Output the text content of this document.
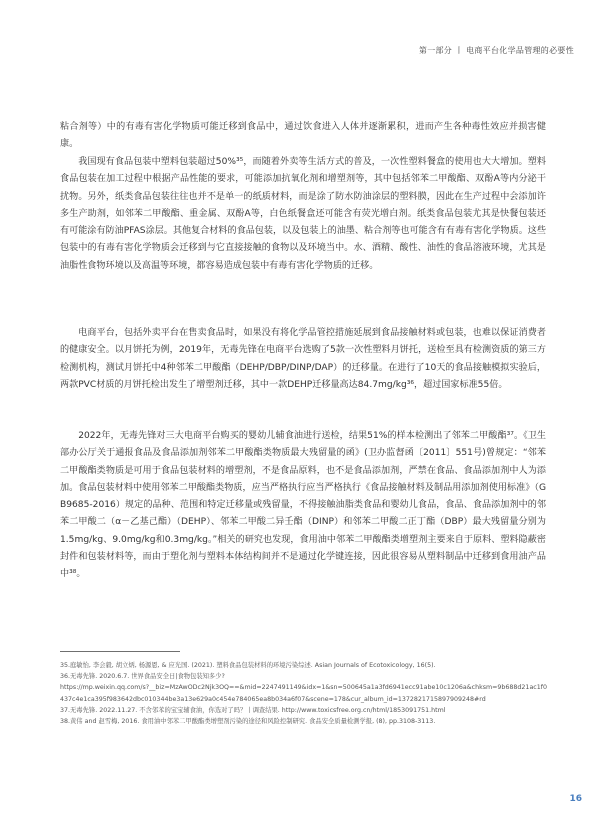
第一部分 丨 电商平台化学品管理的必要性

粘合剂等）中的有毒有害化学物质可能迁移到食品中，通过饮食进入人体并逐渐累积，进而产生各种毒性效应并损害健康。

我国现有食品包装中塑料包装超过50%³⁵，而随着外卖等生活方式的普及，一次性塑料餐盒的使用也大大增加。塑料食品包装在加工过程中根据产品性能的要求，可能添加抗氧化剂和增塑剂等，其中包括邻苯二甲酸酯、双酚A等内分泌干扰物。另外，纸类食品包装往往也并不是单一的纸质材料，而是涂了防水防油涂层的塑料膜，因此在生产过程中会添加许多生产助剂，如邻苯二甲酸酯、重金属、双酚A等，白色纸餐盒还可能含有荧光增白剂。纸类食品包装尤其是快餐包装还有可能涂有防油PFAS涂层。其他复合材料的食品包装，以及包装上的油墨、粘合剂等也可能含有有毒有害化学物质。这些包装中的有毒有害化学物质会迁移到与它直接接触的食物以及环境当中。水、酒精、酸性、油性的食品溶液环境，尤其是油脂性食物环境以及高温等环境，都容易造成包装中有毒有害化学物质的迁移。

电商平台，包括外卖平台在售卖食品时，如果没有将化学品管控措施延展到食品接触材料或包装，也难以保证消费者的健康安全。以月饼托为例，2019年，无毒先锋在电商平台选购了5款一次性塑料月饼托，送检至具有检测资质的第三方检测机构，测试月饼托中4种邻苯二甲酸酯（DEHP/DBP/DINP/DAP）的迁移量。在进行了10天的食品接触模拟实验后，两款PVC材质的月饼托检出发生了增塑剂迁移，其中一款DEHP迁移量高达84.7mg/kg³⁶，超过国家标准55倍。

2022年，无毒先锋对三大电商平台购买的婴幼儿辅食油进行送检，结果51%的样本检测出了邻苯二甲酸酯³⁷。《卫生部办公厅关于通报食品及食品添加剂邻苯二甲酸酯类物质最大残留量的函》(卫办监督函〔2011〕551号)曾规定：“邻苯二甲酸酯类物质是可用于食品包装材料的增塑剂，不是食品原料，也不是食品添加剂，严禁在食品、食品添加剂中人为添加。食品包装材料中使用邻苯二甲酸酯类物质，应当严格执行应当严格执行《食品接触材料及制品用添加剂使用标准》（GB9685-2016）规定的品种、范围和特定迁移量或残留量，不得接触油脂类食品和婴幼儿食品，食品、食品添加剂中的邻苯二甲酸二（α－乙基己酯）（DEHP）、邻苯二甲酸二异壬酯（DINP）和邻苯二甲酸二正丁酯（DBP）最大残留量分别为1.5mg/kg、9.0mg/kg和0.3mg/kg。”相关的研究也发现，食用油中邻苯二甲酸酯类增塑剂主要来自于原料、塑料隐蔽密封件和包装材料等，而由于塑化剂与塑料本体结构间并不是通过化学键连接，因此很容易从塑料制品中迁移到食用油产品中³⁸。

35.庭敏怡, 李会毅, 胡立炳, 杨源恩, & 应光国. (2021). 塑料食品包装材料的环境污染综述. Asian Journals of Ecotoxicology, 16(5).
36.无毒先锋. 2020.6.7. 世界食品安全日|食物包装知多少?
https://mp.weixin.qq.com/s?__biz=MzAwODc2Njk3OQ==&mid=2247491149&idx=1&sn=500645a1a3fd6941ecc91abe10c1206a&chksm=9b688d21ac1f0437c4e1ca395f983642dbc010344be3a13e629a0c454e784065ea8b034a6f07&scene=178&cur_album_id=1372821715897909248#rd
37.无毒先锋. 2022.11.27. 不含邻苯的宝宝辅食油，你选对了吗？丨调查结果. http://www.toxicsfree.org.cn/html/1853091751.html
38.黄伟 and 赵雪梅, 2016. 食用油中邻苯二甲酸酯类增塑剂污染的途径和风险控制研究. 食品安全质量检测学报, (8), pp.3108-3113.
16
